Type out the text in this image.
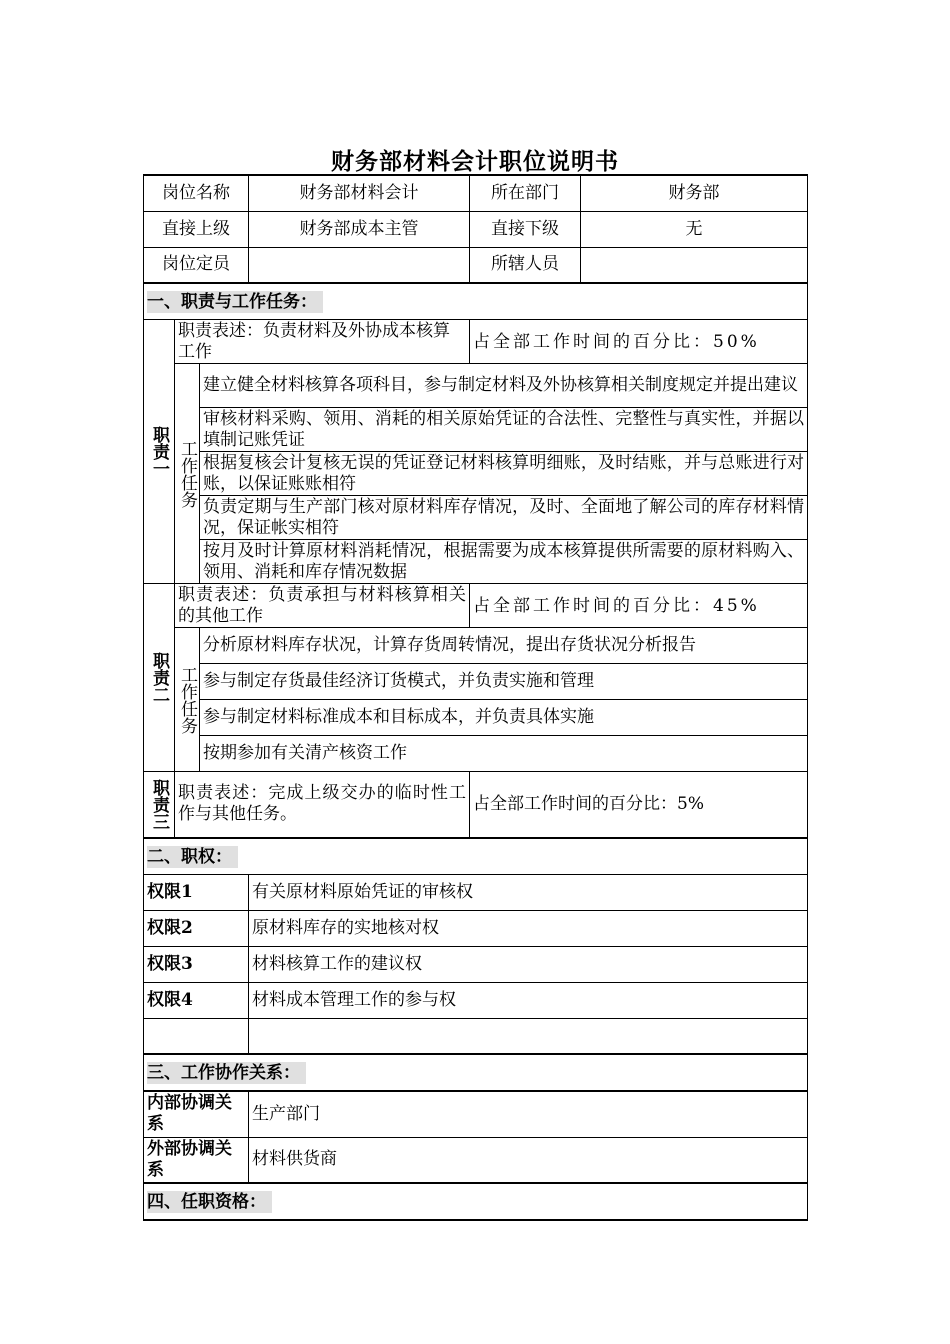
财务部材料会计职位说明书
岗位名称			财务部材料会计	所在部门	财务部
直接上级			财务部成本主管	直接下级	无
岗位定员				所辖人员	
一、职责与工作任务：					
职责一	职责表述：负责材料及外协成本核算工作			占全部工作时间的百分比：50%	
	工作任务	建立健全材料核算各项科目，参与制定材料及外协核算相关制度规定并提出建议			
		审核材料采购、领用、消耗的相关原始凭证的合法性、完整性与真实性，并据以填制记账凭证			
		根据复核会计复核无误的凭证登记材料核算明细账，及时结账，并与总账进行对账，以保证账账相符			
		负责定期与生产部门核对原材料库存情况，及时、全面地了解公司的库存材料情况，保证帐实相符			
		按月及时计算原材料消耗情况，根据需要为成本核算提供所需要的原材料购入、领用、消耗和库存情况数据			
职责二	职责表述：负责承担与材料核算相关的其他工作			占全部工作时间的百分比：45%	
	工作任务	分析原材料库存状况，计算存货周转情况，提出存货状况分析报告			
		参与制定存货最佳经济订货模式，并负责实施和管理			
		参与制定材料标准成本和目标成本，并负责具体实施			
		按期参加有关清产核资工作			
职责三	职责表述：完成上级交办的临时性工作与其他任务。			占全部工作时间的百分比：5%	
二、职权：					
权限1			有关原材料原始凭证的审核权		
权限2			原材料库存的实地核对权		
权限3			材料核算工作的建议权		
权限4			材料成本管理工作的参与权		

三、工作协作关系：					
内部协调关系			生产部门		
外部协调关系			材料供货商		
四、任职资格：					
